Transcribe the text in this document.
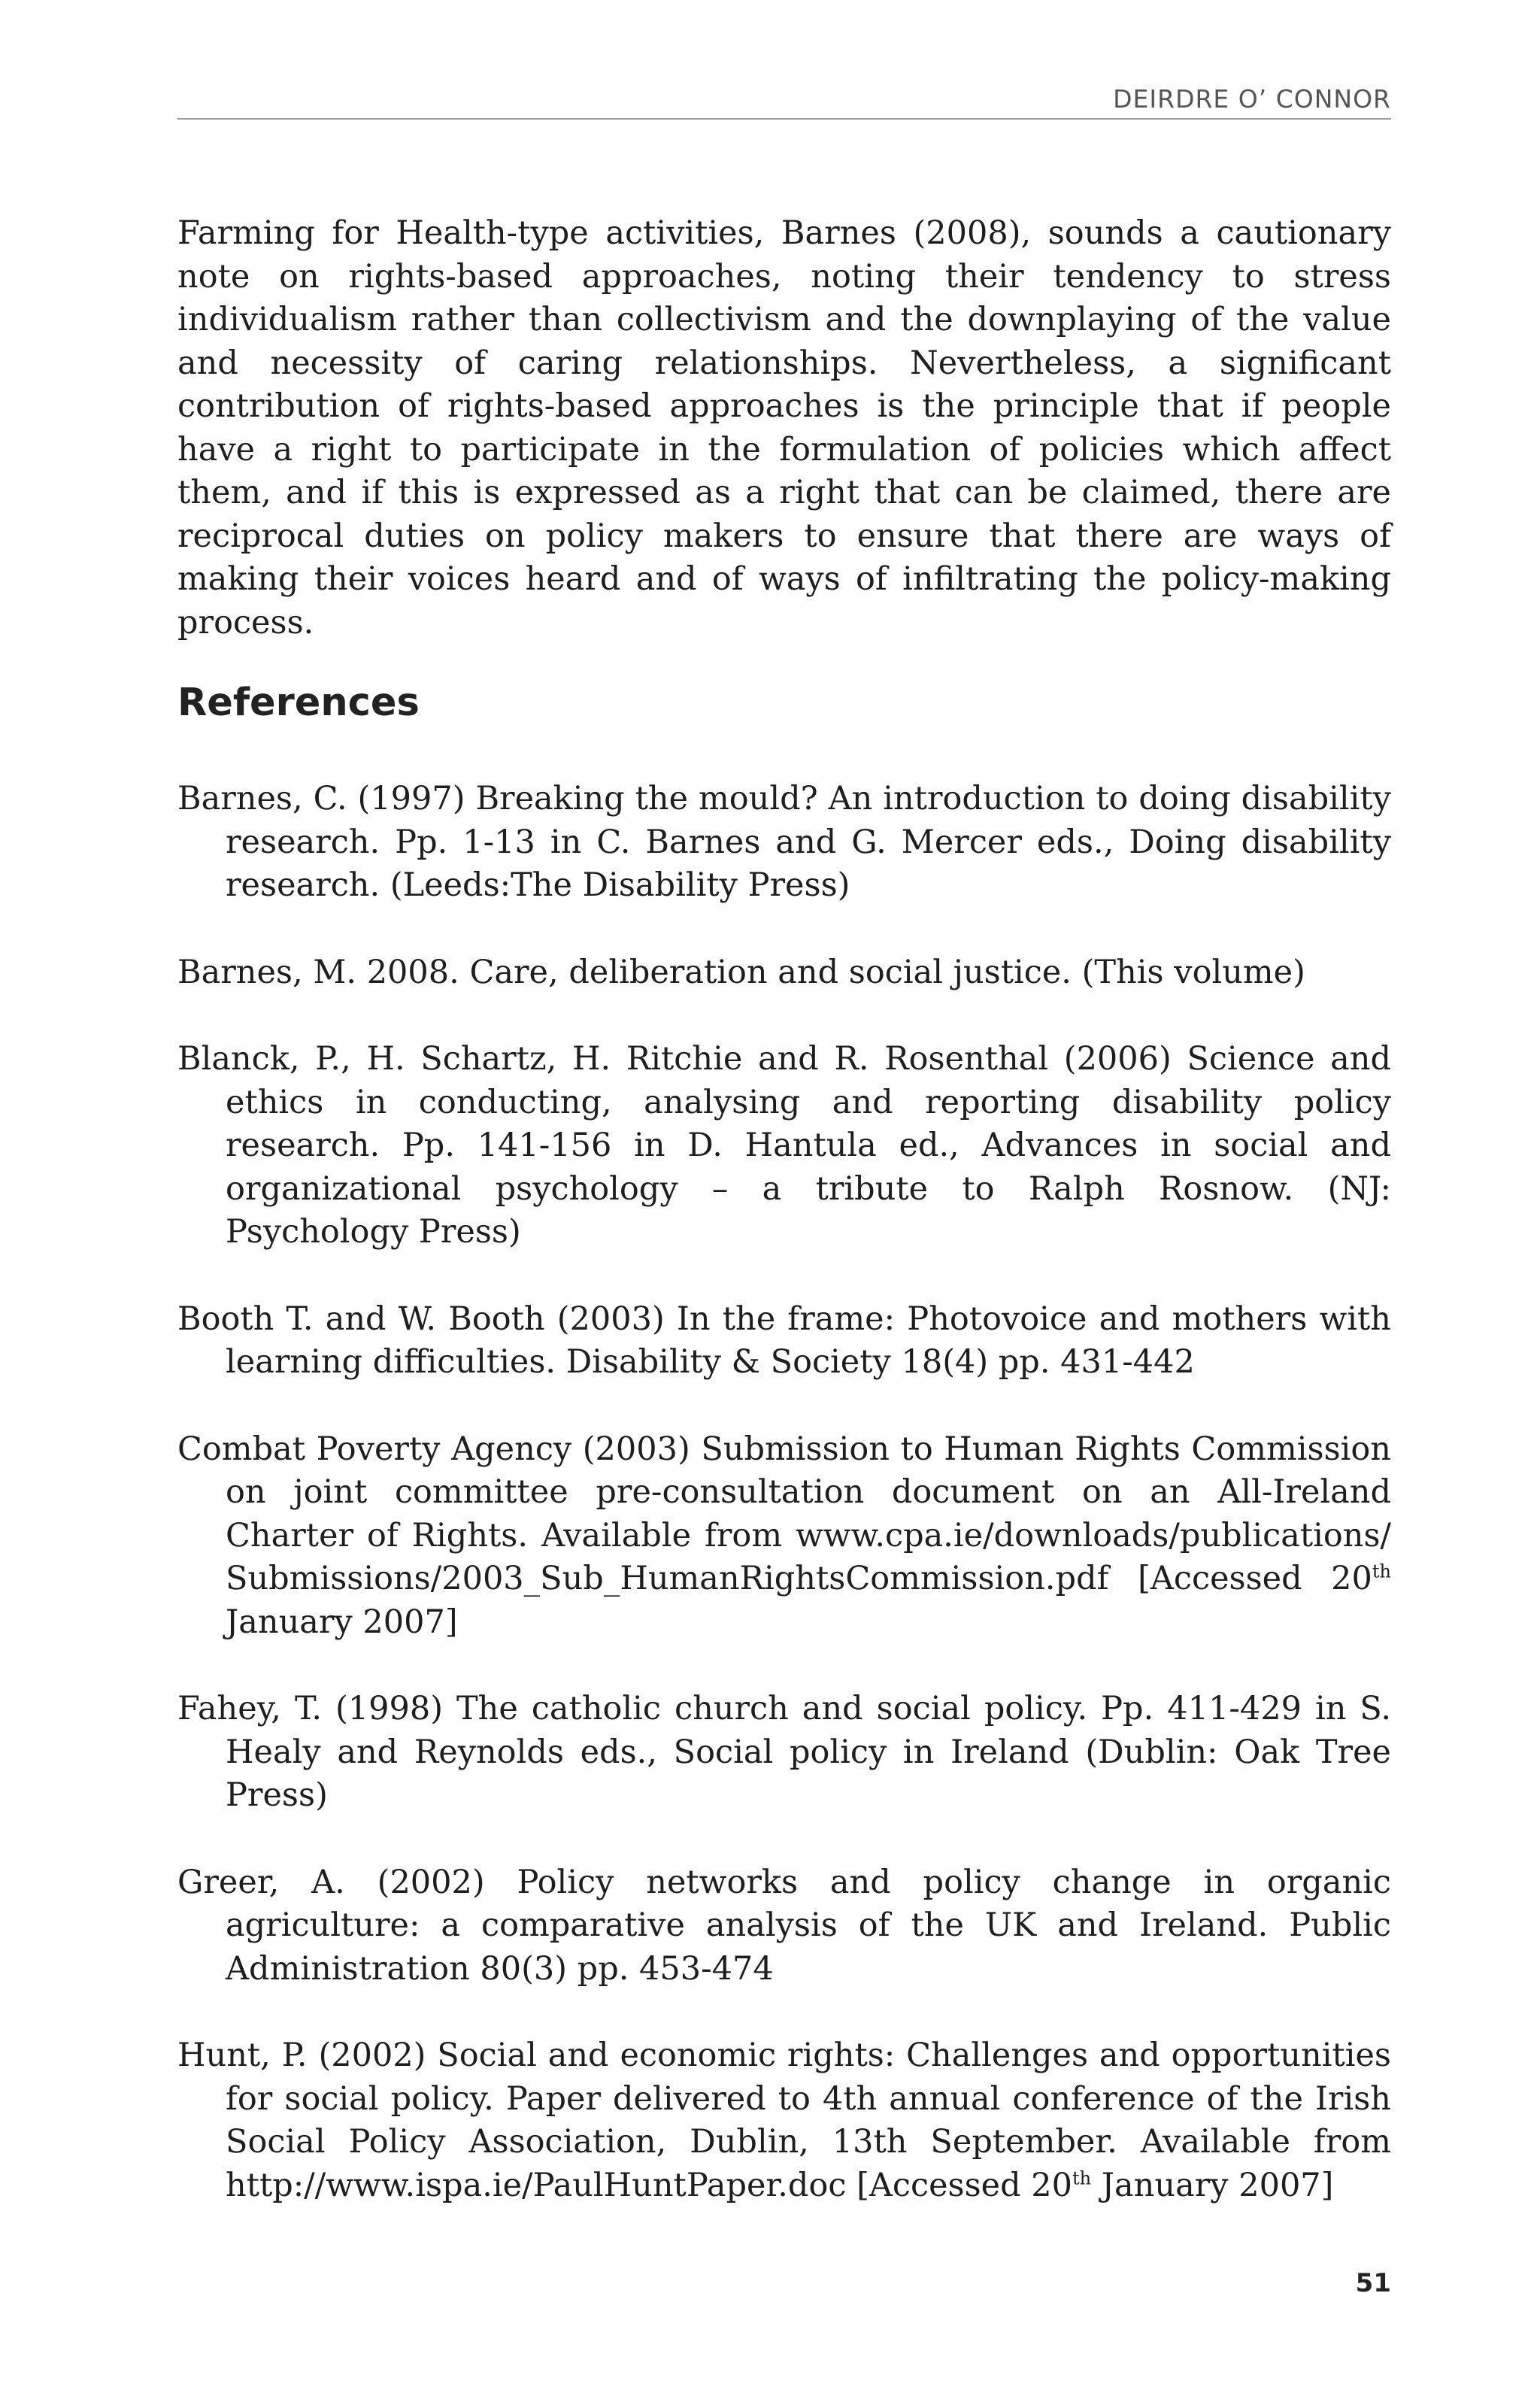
DEIRDRE O’ CONNOR

Farming for Health-type activities, Barnes (2008), sounds a cautionary note on rights-based approaches, noting their tendency to stress individualism rather than collectivism and the downplaying of the value and necessity of caring relationships. Nevertheless, a significant contribution of rights-based approaches is the principle that if people have a right to participate in the formulation of policies which affect them, and if this is expressed as a right that can be claimed, there are reciprocal duties on policy makers to ensure that there are ways of making their voices heard and of ways of infiltrating the policy-making process.

References

Barnes, C. (1997) Breaking the mould? An introduction to doing disability research. Pp. 1-13 in C. Barnes and G. Mercer eds., Doing disability research. (Leeds:The Disability Press)

Barnes, M. 2008. Care, deliberation and social justice. (This volume)

Blanck, P., H. Schartz, H. Ritchie and R. Rosenthal (2006) Science and ethics in conducting, analysing and reporting disability policy research. Pp. 141-156 in D. Hantula ed., Advances in social and organizational psychology – a tribute to Ralph Rosnow. (NJ: Psychology Press)

Booth T. and W. Booth (2003) In the frame: Photovoice and mothers with learning difficulties. Disability & Society 18(4) pp. 431-442

Combat Poverty Agency (2003) Submission to Human Rights Commission on joint committee pre-consultation document on an All-Ireland Charter of Rights. Available from www.cpa.ie/downloads/publications/ Submissions/2003_Sub_HumanRightsCommission.pdf [Accessed 20th January 2007]

Fahey, T. (1998) The catholic church and social policy. Pp. 411-429 in S. Healy and Reynolds eds., Social policy in Ireland (Dublin: Oak Tree Press)

Greer, A. (2002) Policy networks and policy change in organic agriculture: a comparative analysis of the UK and Ireland. Public Administration 80(3) pp. 453-474

Hunt, P. (2002) Social and economic rights: Challenges and opportunities for social policy. Paper delivered to 4th annual conference of the Irish Social Policy Association, Dublin, 13th September. Available from http://www.ispa.ie/PaulHuntPaper.doc [Accessed 20th January 2007]

51
